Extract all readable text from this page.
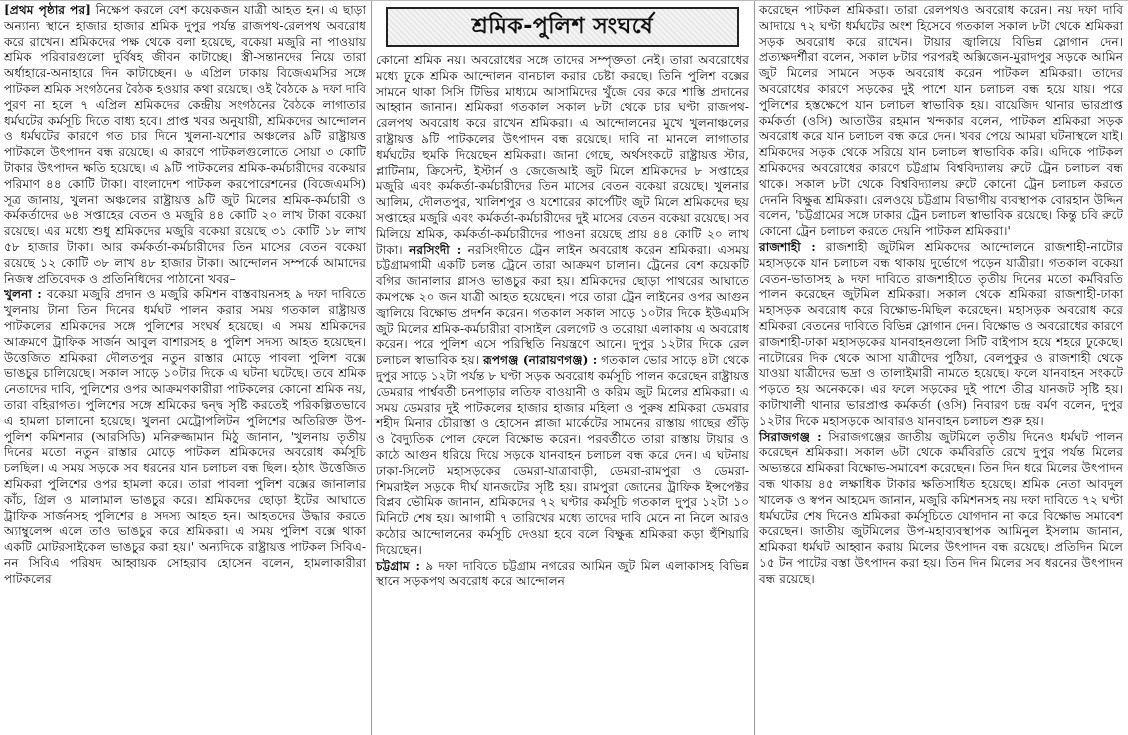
[প্রথম পৃষ্ঠার পর] নিক্ষেপ করলে বেশ কয়েকজন যাত্রী আহত হন। এ ছাড়া অন্যান্য স্থানে হাজার হাজার শ্রমিক দুপুর পর্যন্ত রাজপথ-রেলপথ অবরোধ করে রাখেন। শ্রমিকদের পক্ষ থেকে বলা হয়েছে, বকেয়া মজুরি না পাওয়ায় শ্রমিক পরিবারগুলো দুর্বিষহ জীবন কাটাচ্ছে। স্ত্রী-সন্তানদের নিয়ে তারা অর্ধাহারে-অনাহারে দিন কাটাচ্ছেন। ৬ এপ্রিল ঢাকায় বিজেএমসির সঙ্গে পাটকল শ্রমিক সংগঠনের বৈঠক হওয়ার কথা রয়েছে। ওই বৈঠকে ৯ দফা দাবি পুরণ না হলে ৭ এপ্রিল শ্রমিকদের কেন্দ্রীয় সংগঠনের বৈঠকে লাগাতার ধর্মঘটের কর্মসূচি দিতে বাধ্য হবে। প্রাপ্ত খবর অনুযায়ী, শ্রমিকদের আন্দোলন ও ধর্মঘটের কারণে গত চার দিনে খুলনা-যশোর অঞ্চলের ৯টি রাষ্ট্রায়ত্ত পাটকলে উৎপাদন বন্ধ রয়েছে। এ কারণে পাটকলগুলোতে সোয়া ৩ কোটি টাকার উৎপাদন ক্ষতি হয়েছে। এ ৯টি পাটকলের শ্রমিক-কর্মচারীদের বকেয়ার পরিমাণ ৪৪ কোটি টাকা। বাংলাদেশ পাটকল করপোরেশনের (বিজেএমসি) সূত্র জানায়, খুলনা অঞ্চলের রাষ্ট্রায়ত্ত ৯টি জুট মিলের শ্রমিক-কর্মচারী ও কর্মকর্তাদের ৬৪ সপ্তাহের বেতন ও মজুরি ৪৪ কোটি ২০ লাখ টাকা বকেয়া রয়েছে। এর মধ্যে শুধু শ্রমিকদের মজুরি বকেয়া রয়েছে ৩১ কোটি ১৮ লাখ ৫৮ হাজার টাকা। আর কর্মকর্তা-কর্মচারীদের তিন মাসের বেতন বকেয়া রয়েছে ১২ কোটি ৩৮ লাখ ৪৮ হাজার টাকা। আন্দোলন সম্পর্কে আমাদের নিজস্ব প্রতিবেদক ও প্রতিনিধিদের পাঠানো খবর–

খুলনা : বকেয়া মজুরি প্রদান ও মজুরি কমিশন বাস্তবায়নসহ ৯ দফা দাবিতে খুলনায় টানা তিন দিনের ধর্মঘট পালন করার সময় গতকাল রাষ্ট্রায়ত্ত পাটকলের শ্রমিকদের সঙ্গে পুলিশের সংঘর্ষ হয়েছে। এ সময় শ্রমিকদের আক্রমণে ট্রাফিক সার্জন আবুল বাশারসহ ৪ পুলিশ সদস্য আহত হয়েছেন। উত্তেজিত শ্রমিকরা দৌলতপুর নতুন রাস্তার মোড়ে পাবলা পুলিশ বক্সে ভাঙচুর চালিয়েছে। সকাল সাড়ে ১০টার দিকে এ ঘটনা ঘটেছে। তবে শ্রমিক নেতাদের দাবি, পুলিশের ওপর আক্রমণকারীরা পাটকলের কোনো শ্রমিক নয়, তারা বহিরাগত। পুলিশের সঙ্গে শ্রমিকের দ্বন্দ্ব সৃষ্টি করতেই পরিকল্পিতভাবে এ হামলা চালানো হয়েছে। খুলনা মেট্রোপলিটন পুলিশের অতিরিক্ত উপ-পুলিশ কমিশনার (আরসিডি) মনিরুজ্জামান মিঠু জানান, 'খুলনায় তৃতীয় দিনের মতো নতুন রাস্তার মোড়ে পাটকল শ্রমিকদের অবরোধ কর্মসূচি চলছিল। এ সময় সড়কে সব ধরনের যান চলাচল বন্ধ ছিল। হঠাৎ উত্তেজিত শ্রমিকরা পুলিশের ওপর হামলা করে। তারা পাবলা পুলিশ বক্সের জানালার কাঁচ, গ্রিল ও মালামাল ভাঙচুর করে। শ্রমিকদের ছোড়া ইটের আঘাতে ট্রাফিক সার্জনসহ পুলিশের ৪ সদস্য আহত হন। আহতদের উদ্ধার করতে অ্যাম্বুলেন্স এলে তাও ভাঙচুর করে শ্রমিকরা। এ সময় পুলিশ বক্সে থাকা একটি মোটরসাইকেল ভাঙচুর করা হয়।' অন্যদিকে রাষ্ট্রায়ত্ত পাটকল সিবিএ-নন সিবিএ পরিষদ আহ্বায়ক সোহরাব হোসেন বলেন, হামলাকারীরা পাটকলের

শ্রমিক-পুলিশ সংঘর্ষে

কোনো শ্রমিক নয়। অবরোধের সঙ্গে তাদের সম্পৃক্ততা নেই। তারা অবরোধের মধ্যে ঢুকে শ্রমিক আন্দোলন বানচাল করার চেষ্টা করছে। তিনি পুলিশ বক্সের সামনে থাকা সিসি টিভির মাধ্যমে আসামিদের খুঁজে বের করে শাস্তি প্রদানের আহ্বান জানান। শ্রমিকরা গতকাল সকাল ৮টা থেকে চার ঘণ্টা রাজপথ-রেলপথ অবরোধ করে রাখেন শ্রমিকরা। এ আন্দোলনের মুখে খুলনাঞ্চলের রাষ্ট্রায়ত্ত ৯টি পাটকলের উৎপাদন বন্ধ রয়েছে। দাবি না মানলে লাগাতার ধর্মঘটের হুমকি দিয়েছেন শ্রমিকরা। জানা গেছে, অর্থসংকটে রাষ্ট্রায়ত্ত স্টার, প্লাটিনাম, ক্রিসেন্ট, ইস্টার্ন ও জেজেআই জুট মিলে শ্রমিকদের ৮ সপ্তাহের মজুরি এবং কর্মকর্তা-কর্মচারীদের তিন মাসের বেতন বকেয়া রয়েছে। খুলনার আলিম, দৌলতপুর, খালিশপুর ও যশোরের কার্পেটিং জুট মিলে শ্রমিকদের ছয় সপ্তাহের মজুরি এবং কর্মকর্তা-কর্মচারীদের দুই মাসের বেতন বকেয়া রয়েছে। সব মিলিয়ে শ্রমিক, কর্মকর্তা-কর্মচারীদের পাওনা রয়েছে প্রায় ৪৪ কোটি ২০ লাখ টাকা। নরসিংদী : নরসিংদীতে ট্রেন লাইন অবরোধ করেন শ্রমিকরা। এসময় চট্টগ্রামগামী একটি চলন্ত ট্রেনে তারা আক্রমণ চালান। ট্রেনের বেশ কয়েকটি বগির জানালার গ্লাসও ভাঙচুর করা হয়। শ্রমিকদের ছোড়া পাথরের আঘাতে কমপক্ষে ২০ জন যাত্রী আহত হয়েছেন। পরে তারা ট্রেন লাইনের ওপর আগুন জ্বালিয়ে বিক্ষোভ প্রদর্শন করেন। গতকাল সকাল সাড়ে ১০টার দিকে ইউএমসি জুট মিলের শ্রমিক-কর্মচারীরা বাসাইল রেলগেট ও তরোয়া এলাকায় এ অবরোধ করেন। পরে পুলিশ এসে পরিস্থিতি নিয়ন্ত্রণে আনে। দুপুর ১২টার দিকে রেল চলাচল স্বাভাবিক হয়। রূপগঞ্জ (নারায়ণগঞ্জ) : গতকাল ভোর সাড়ে ৪টা থেকে দুপুর সাড়ে ১২টা পর্যন্ত ৮ ঘণ্টা সড়ক অবরোধ কর্মসূচি পালন করেছেন রাষ্ট্রায়ত্ত ডেমরার পার্শ্ববর্তী চনপাড়ার লতিফ বাওয়ানী ও করিম জুট মিলের শ্রমিকরা। এ সময় ডেমরার দুই পাটকলের হাজার হাজার মহিলা ও পুরুষ শ্রমিকরা ডেমরার শহীদ মিনার চৌরাস্তা ও হোসেন প্লাজা মার্কেটের সামনের রাস্তায় গাছের গুঁড়ি ও বৈদ্যুতিক পোল ফেলে বিক্ষোভ করেন। পরবর্তীতে তারা রাস্তায় টায়ার ও কাঠে আগুন ধরিয়ে দিয়ে সড়কে যানবাহন চলাচল বন্ধ করে দেন। এ ঘটনায় ঢাকা-সিলেট মহাসড়কের ডেমরা-যাত্রাবাড়ী, ডেমরা-রামপুরা ও ডেমরা-শিমরাইল সড়কে দীর্ঘ যানজটের সৃষ্টি হয়। রামপুরা জোনের ট্রাফিক ইন্সপেক্টর বিপ্লব ভৌমিক জানান, শ্রমিকদের ৭২ ঘণ্টার কর্মসূচি গতকাল দুপুর ১২টা ১০ মিনিটে শেষ হয়। আগামী ৭ তারিখের মধ্যে তাদের দাবি মেনে না নিলে আরও কঠোর আন্দোলনের কর্মসূচি দেওয়া হবে বলে বিক্ষুব্ধ শ্রমিকরা কড়া হুঁশিয়ারি দিয়েছেন।

চট্টগ্রাম : ৯ দফা দাবিতে চট্টগ্রাম নগরের আমিন জুট মিল এলাকাসহ বিভিন্ন স্থানে সড়কপথ অবরোধ করে আন্দোলন

করেছেন পাটকল শ্রমিকরা। তারা রেলপথও অবরোধ করেন। নয় দফা দাবি আদায়ে ৭২ ঘণ্টা ধর্মঘটের অংশ হিসেবে গতকাল সকাল ৮টা থেকে শ্রমিকরা সড়ক অবরোধ করে রাখেন। টায়ার জ্বালিয়ে বিভিন্ন স্লোগান দেন। প্রত্যক্ষদর্শীরা বলেন, সকাল ৮টার পরপরই অক্সিজেন-মুরাদপুর সড়কে আমিন জুট মিলের সামনে সড়ক অবরোধ করেন পাটকল শ্রমিকরা। তাদের অবরোধের কারণে সড়কের দুই পাশে যান চলাচল বন্ধ হয়ে যায়। পরে পুলিশের হস্তক্ষেপে যান চলাচল স্বাভাবিক হয়। বায়েজিদ থানার ভারপ্রাপ্ত কর্মকর্তা (ওসি) আতাউর রহমান খন্দকার বলেন, পাটকল শ্রমিকরা সড়ক অবরোধ করে যান চলাচল বন্ধ করে দেন। খবর পেয়ে আমরা ঘটনাস্থলে যাই। শ্রমিকদের সড়ক থেকে সরিয়ে যান চলাচল স্বাভাবিক করি। এদিকে পাটকল শ্রমিকদের অবরোধের কারণে চট্টগ্রাম বিশ্ববিদ্যালয় রুটে ট্রেন চলাচল বন্ধ থাকে। সকাল ৮টা থেকে বিশ্ববিদ্যালয় রুটে কোনো ট্রেন চলাচল করতে দেননি বিক্ষুব্ধ শ্রমিকরা। রেলওয়ে চট্টগ্রাম বিভাগীয় ব্যবস্থাপক বোরহান উদ্দিন বলেন, 'চট্টগ্রামের সঙ্গে ঢাকার ট্রেন চলাচল স্বাভাবিক রয়েছে। কিন্তু চবি রুটে কোনো ট্রেন চলাচল করতে দেয়নি পাটকল শ্রমিকরা।'

রাজশাহী : রাজশাহী জুটমিল শ্রমিকদের আন্দোলনে রাজশাহী-নাটোর মহাসড়কে যান চলাচল বন্ধ থাকায় দুর্ভোগে পড়েন যাত্রীরা। গতকাল বকেয়া বেতন-ভাতাসহ ৯ দফা দাবিতে রাজশাহীতে তৃতীয় দিনের মতো কর্মবিরতি পালন করেছেন জুটমিল শ্রমিকরা। সকাল থেকে শ্রমিকরা রাজশাহী-ঢাকা মহাসড়ক অবরোধ করে বিক্ষোভ-মিছিল করেছেন। মহাসড়ক অবরোধ করে শ্রমিকরা বেতনের দাবিতে বিভিন্ন স্লোগান দেন। বিক্ষোভ ও অবরোধের কারণে রাজশাহী-ঢাকা মহাসড়কের যানবাহনগুলো সিটি বাইপাস হয়ে শহরে ঢুকেছে। নাটোরের দিক থেকে আসা যাত্রীদের পুঠিয়া, বেলপুকুর ও রাজশাহী থেকে যাওয়া যাত্রীদের ভদ্রা ও তালাইমারী নামতে হয়েছে। ফলে যানবাহন সংকটে পড়তে হয় অনেককে। এর ফলে সড়কের দুই পাশে তীব্র যানজট সৃষ্টি হয়। কাটাখালী থানার ভারপ্রাপ্ত কর্মকর্তা (ওসি) নিবারণ চন্দ্র বর্মণ বলেন, দুপুর ১২টার দিকে মহাসড়কে আবারও যানবাহন চলাচল শুরু হয়।

সিরাজগঞ্জ : সিরাজগঞ্জের জাতীয় জুটমিলে তৃতীয় দিনেও ধর্মঘট পালন করেছেন শ্রমিকরা। সকাল ৬টা থেকে কর্মবিরতি রেখে দুপুর পর্যন্ত মিলের অভ্যন্তরে শ্রমিকরা বিক্ষোভ-সমাবেশ করেছেন। তিন দিন ধরে মিলের উৎপাদন বন্ধ থাকায় ৪৫ লক্ষাধিক টাকার ক্ষতিসাধিত হয়েছে। শ্রমিক নেতা আবদুল খালেক ও স্বপন আহমেদ জানান, মজুরি কমিশনসহ নয় দফা দাবিতে ৭২ ঘণ্টা ধর্মঘটের শেষ দিনেও শ্রমিকরা কর্মসূচিতে যোগদান না করে বিক্ষোভ সমাবেশ করেছেন। জাতীয় জুটমিলের উপ-মহাব্যবস্থাপক আমিনুল ইসলাম জানান, শ্রমিকরা ধর্মঘট আহ্বান করায় মিলের উৎপাদন বন্ধ রয়েছে। প্রতিদিন মিলে ১৫ টন পাটের বস্তা উৎপাদন করা হয়। তিন দিন মিলের সব ধরনের উৎপাদন বন্ধ রয়েছে।
